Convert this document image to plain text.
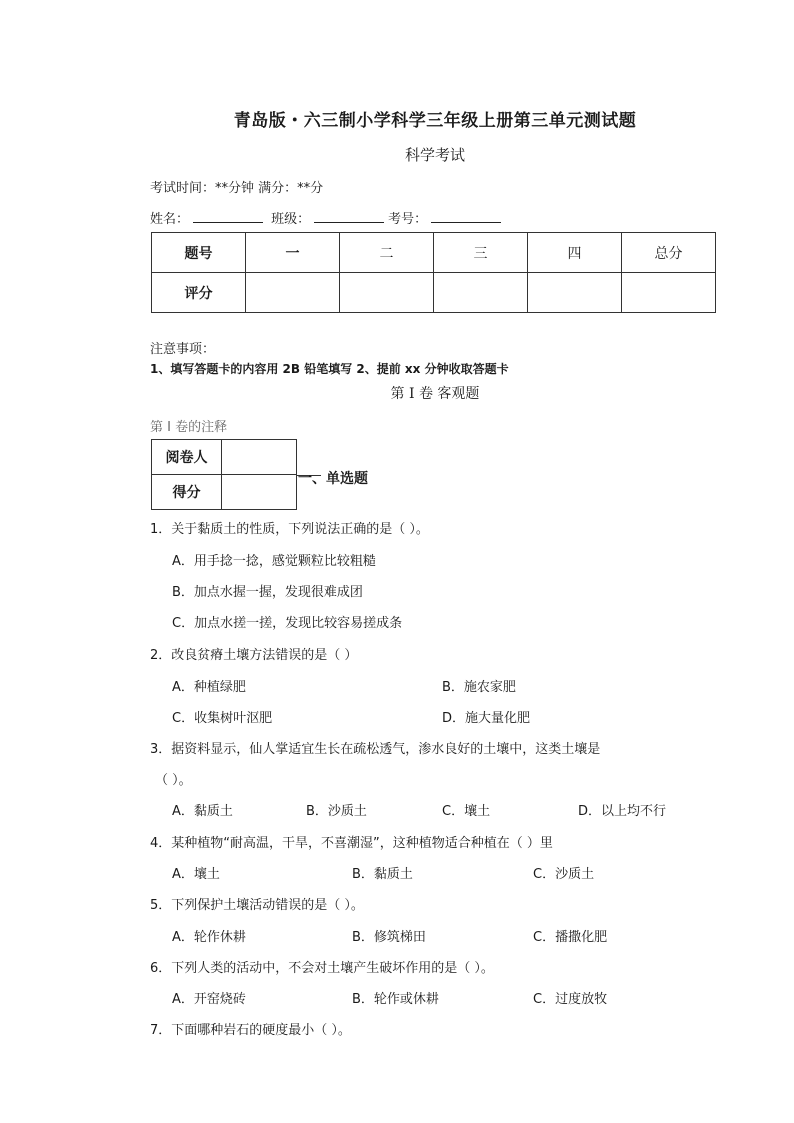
青岛版・六三制小学科学三年级上册第三单元测试题
科学考试
考试时间：**分钟 满分：**分
姓名：	班级：	考号：
题号	一	二	三	四	总分
评分					
注意事项：
1、填写答题卡的内容用 2B 铅笔填写 2、提前 xx 分钟收取答题卡
第 I 卷 客观题
第 I 卷的注释
阅卷人	
得分	
一、单选题
1．关于黏质土的性质，下列说法正确的是（ ）。
A．用手捻一捻，感觉颗粒比较粗糙
B．加点水握一握，发现很难成团
C．加点水搓一搓，发现比较容易搓成条
2．改良贫瘠土壤方法错误的是（ ）
A．种植绿肥	B．施农家肥
C．收集树叶沤肥	D．施大量化肥
3．据资料显示，仙人掌适宜生长在疏松透气，渗水良好的土壤中，这类土壤是
（ ）。
A．黏质土	B．沙质土	C．壤土	D．以上均不行
4．某种植物“耐高温，干旱，不喜潮湿”，这种植物适合种植在（ ）里
A．壤土	B．黏质土	C．沙质土
5．下列保护土壤活动错误的是（ ）。
A．轮作休耕	B．修筑梯田	C．播撒化肥
6．下列人类的活动中，不会对土壤产生破坏作用的是（ ）。
A．开窑烧砖	B．轮作或休耕	C．过度放牧
7．下面哪种岩石的硬度最小（ ）。
